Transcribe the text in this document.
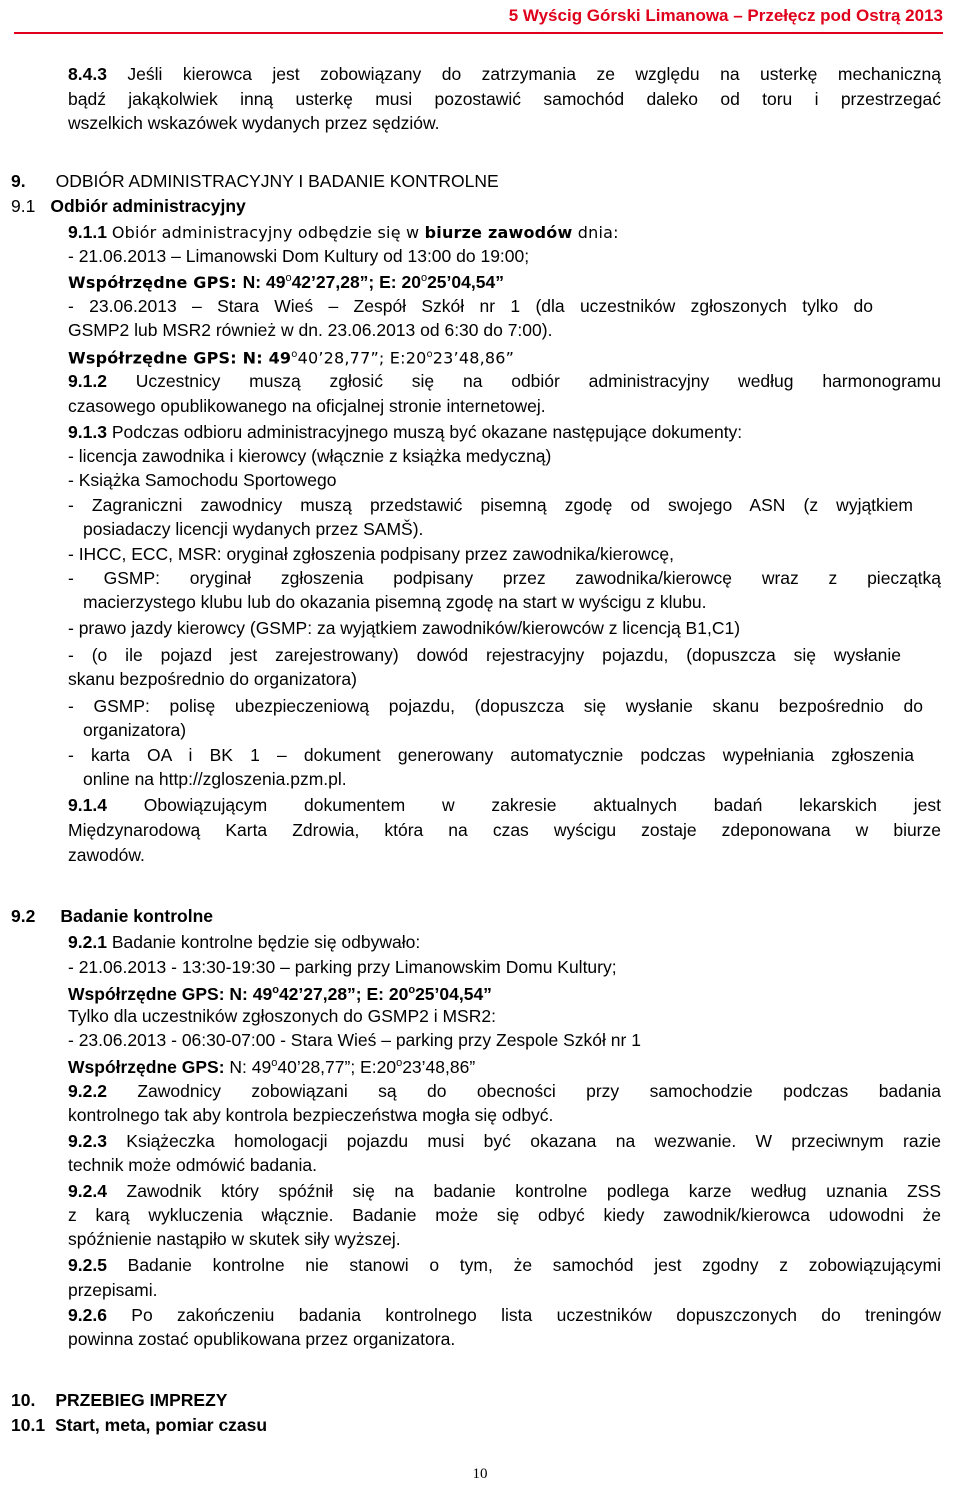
5 Wyścig Górski Limanowa – Przełęcz pod Ostrą 2013
8.4.3 Jeśli kierowca jest zobowiązany do zatrzymania ze względu na usterkę mechaniczną
bądź jakąkolwiek inną usterkę musi pozostawić samochód daleko od toru i przestrzegać
wszelkich wskazówek wydanych przez sędziów.
9. ODBIÓR ADMINISTRACYJNY I BADANIE KONTROLNE
9.1 Odbiór administracyjny
9.1.1 Obiór administracyjny odbędzie się w biurze zawodów dnia:
- 21.06.2013 – Limanowski Dom Kultury od 13:00 do 19:00;
Współrzędne GPS: N: 49$^o$42’27,28”; E: 20$^o$25’04,54”
- 23.06.2013 – Stara Wieś – Zespół Szkół nr 1 (dla uczestników zgłoszonych tylko do
GSMP2 lub MSR2 również w dn. 23.06.2013 od 6:30 do 7:00).
Współrzędne GPS: N: 49$^o$40’28,77”; E:20$^o$23’48,86”
9.1.2 Uczestnicy muszą zgłosić się na odbiór administracyjny według harmonogramu
czasowego opublikowanego na oficjalnej stronie internetowej.
9.1.3 Podczas odbioru administracyjnego muszą być okazane następujące dokumenty:
- licencja zawodnika i kierowcy (włącznie z książka medyczną)
- Książka Samochodu Sportowego
- Zagraniczni zawodnicy muszą przedstawić pisemną zgodę od swojego ASN (z wyjątkiem
posiadaczy licencji wydanych przez SAMŠ).
- IHCC, ECC, MSR: oryginał zgłoszenia podpisany przez zawodnika/kierowcę,
- GSMP: oryginał zgłoszenia podpisany przez zawodnika/kierowcę wraz z pieczątką
macierzystego klubu lub do okazania pisemną zgodę na start w wyścigu z klubu.
- prawo jazdy kierowcy (GSMP: za wyjątkiem zawodników/kierowców z licencją B1,C1)
- (o ile pojazd jest zarejestrowany) dowód rejestracyjny pojazdu, (dopuszcza się wysłanie
skanu bezpośrednio do organizatora)
- GSMP: polisę ubezpieczeniową pojazdu, (dopuszcza się wysłanie skanu bezpośrednio do
organizatora)
- karta OA i BK 1 – dokument generowany automatycznie podczas wypełniania zgłoszenia
online na http://zgloszenia.pzm.pl.
9.1.4 Obowiązującym dokumentem w zakresie aktualnych badań lekarskich jest
Międzynarodową Karta Zdrowia, która na czas wyścigu zostaje zdeponowana w biurze
zawodów.
9.2 Badanie kontrolne
9.2.1 Badanie kontrolne będzie się odbywało:
- 21.06.2013 - 13:30-19:30 – parking przy Limanowskim Domu Kultury;
Współrzędne GPS: N: 49$^o$42’27,28”; E: 20$^o$25’04,54”
Tylko dla uczestników zgłoszonych do GSMP2 i MSR2:
- 23.06.2013 - 06:30-07:00 - Stara Wieś – parking przy Zespole Szkół nr 1
Współrzędne GPS: N: 49$^o$40’28,77”; E:20$^o$23’48,86”
9.2.2 Zawodnicy zobowiązani są do obecności przy samochodzie podczas badania
kontrolnego tak aby kontrola bezpieczeństwa mogła się odbyć.
9.2.3 Książeczka homologacji pojazdu musi być okazana na wezwanie. W przeciwnym razie
technik może odmówić badania.
9.2.4 Zawodnik który spóźnił się na badanie kontrolne podlega karze według uznania ZSS
z karą wykluczenia włącznie. Badanie może się odbyć kiedy zawodnik/kierowca udowodni że
spóźnienie nastąpiło w skutek siły wyższej.
9.2.5 Badanie kontrolne nie stanowi o tym, że samochód jest zgodny z zobowiązującymi
przepisami.
9.2.6 Po zakończeniu badania kontrolnego lista uczestników dopuszczonych do treningów
powinna zostać opublikowana przez organizatora.
10. PRZEBIEG IMPREZY
10.1 Start, meta, pomiar czasu
10
